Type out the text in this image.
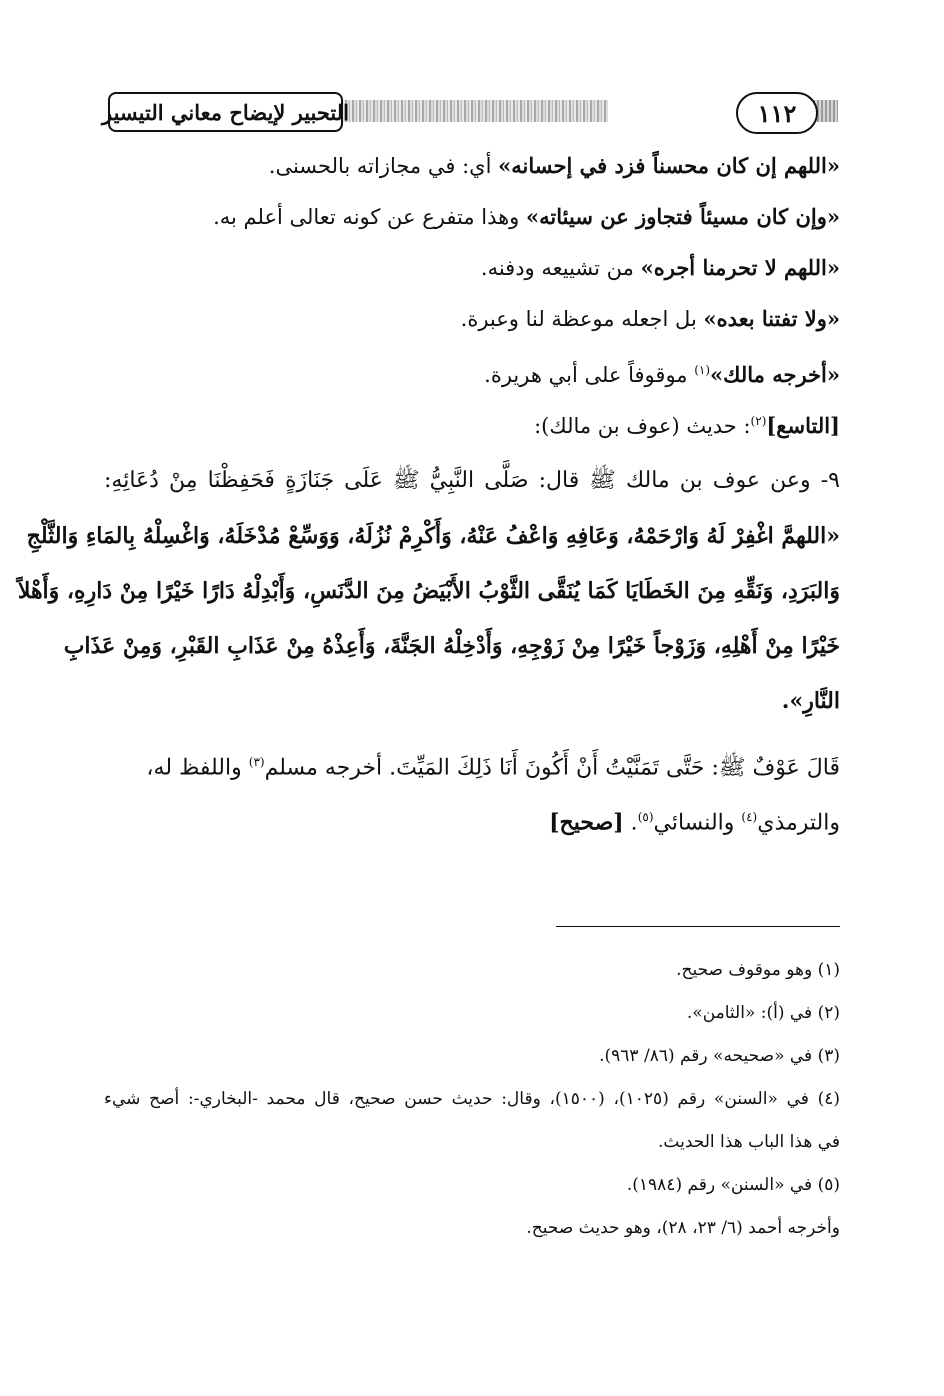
التحبير لإيضاح معاني التيسير	١١٢
«اللهم إن كان محسناً فزد في إحسانه» أي: في مجازاته بالحسنى.
«وإن كان مسيئاً فتجاوز عن سيئاته» وهذا متفرع عن كونه تعالى أعلم به.
«اللهم لا تحرمنا أجره» من تشييعه ودفنه.
«ولا تفتنا بعده» بل اجعله موعظة لنا وعبرة.
«أخرجه مالك»$^{(١)}$ موقوفاً على أبي هريرة.
[التاسع]$^{(٢)}$: حديث (عوف بن مالك):
٩- وعن عوف بن مالك ﷺ قال: صَلَّى النَّبِيُّ ﷺ عَلَى جَنَازَةٍ فَحَفِظْنَا مِنْ دُعَائِهِ:
«اللهمَّ اغْفِرْ لَهُ وَارْحَمْهُ، وَعَافِهِ وَاعْفُ عَنْهُ، وَأَكْرِمْ نُزُلَهُ، وَوَسِّعْ مُدْخَلَهُ، وَاغْسِلْهُ بِالمَاءِ وَالثَّلْجِ
وَالبَرَدِ، وَنَقِّهِ مِنَ الخَطَايَا كَمَا يُنَقَّى الثَّوْبُ الأَبْيَضُ مِنَ الدَّنَسِ، وَأَبْدِلْهُ دَارًا خَيْرًا مِنْ دَارِهِ، وَأَهْلاً
خَيْرًا مِنْ أَهْلِهِ، وَزَوْجاً خَيْرًا مِنْ زَوْجِهِ، وَأَدْخِلْهُ الجَنَّةَ، وَأَعِذْهُ مِنْ عَذَابِ القَبْرِ، وَمِنْ عَذَابِ
النَّارِ».
قَالَ عَوْفٌ ﷺ: حَتَّى تَمَنَّيْتُ أَنْ أَكُونَ أَنَا ذَلِكَ المَيِّتَ. أخرجه مسلم$^{(٣)}$ واللفظ له،
والترمذي$^{(٤)}$ والنسائي$^{(٥)}$. [صحيح]
(١) وهو موقوف صحيح.
(٢) في (أ): «الثامن».
(٣) في «صحيحه» رقم (٨٦/ ٩٦٣).
(٤) في «السنن» رقم (١٠٢٥)، (١٥٠٠)، وقال: حديث حسن صحيح، قال محمد -البخاري-: أصح شيء
في هذا الباب هذا الحديث.
(٥) في «السنن» رقم (١٩٨٤).
وأخرجه أحمد (٦/ ٢٣، ٢٨)، وهو حديث صحيح.
